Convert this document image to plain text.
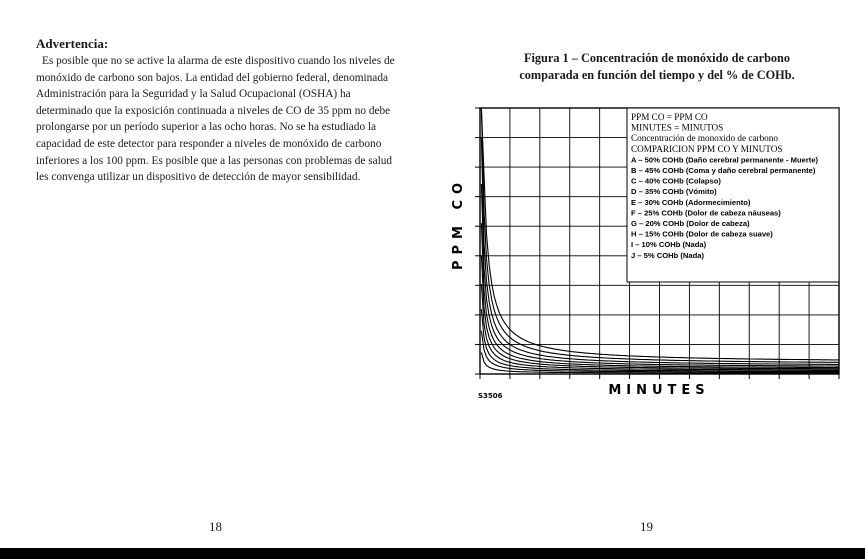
Advertencia:

Es posible que no se active la alarma de este dispositivo cuando los niveles de monóxido de carbono son bajos. La entidad del gobierno federal, denominada Administración para la Seguridad y la Salud Ocupacional (OSHA) ha determinado que la exposición continuada a niveles de CO de 35 ppm no debe prolongarse por un período superior a las ocho horas. No se ha estudiado la capacidad de este detector para responder a niveles de monóxido de carbono inferiores a los 100 ppm. Es posible que a las personas con problemas de salud les convenga utilizar un dispositivo de detección de mayor sensibilidad.

18

Figura 1 – Concentración de monóxido de carbono
comparada en función del tiempo y del % de COHb.

PPM CO = PPM CO
MINUTES = MINUTOS
Concentración de monoxido de carbono
COMPARICION PPM CO Y MINUTOS
A – 50% COHb (Daño cerebral permanente - Muerte)
B – 45% COHb (Coma y daño cerebral permanente)
C – 40% COHb (Colapso)
D – 35% COHb (Vómito)
E – 30% COHb (Adormecimiento)
F – 25% COHb (Dolor de cabeza náuseas)
G – 20% COHb (Dolor de cabeza)
H – 15% COHb (Dolor de cabeza suave)
I – 10% COHb (Nada)
J – 5% COHb (Nada)
PPM CO
MINUTES
S3506
19
